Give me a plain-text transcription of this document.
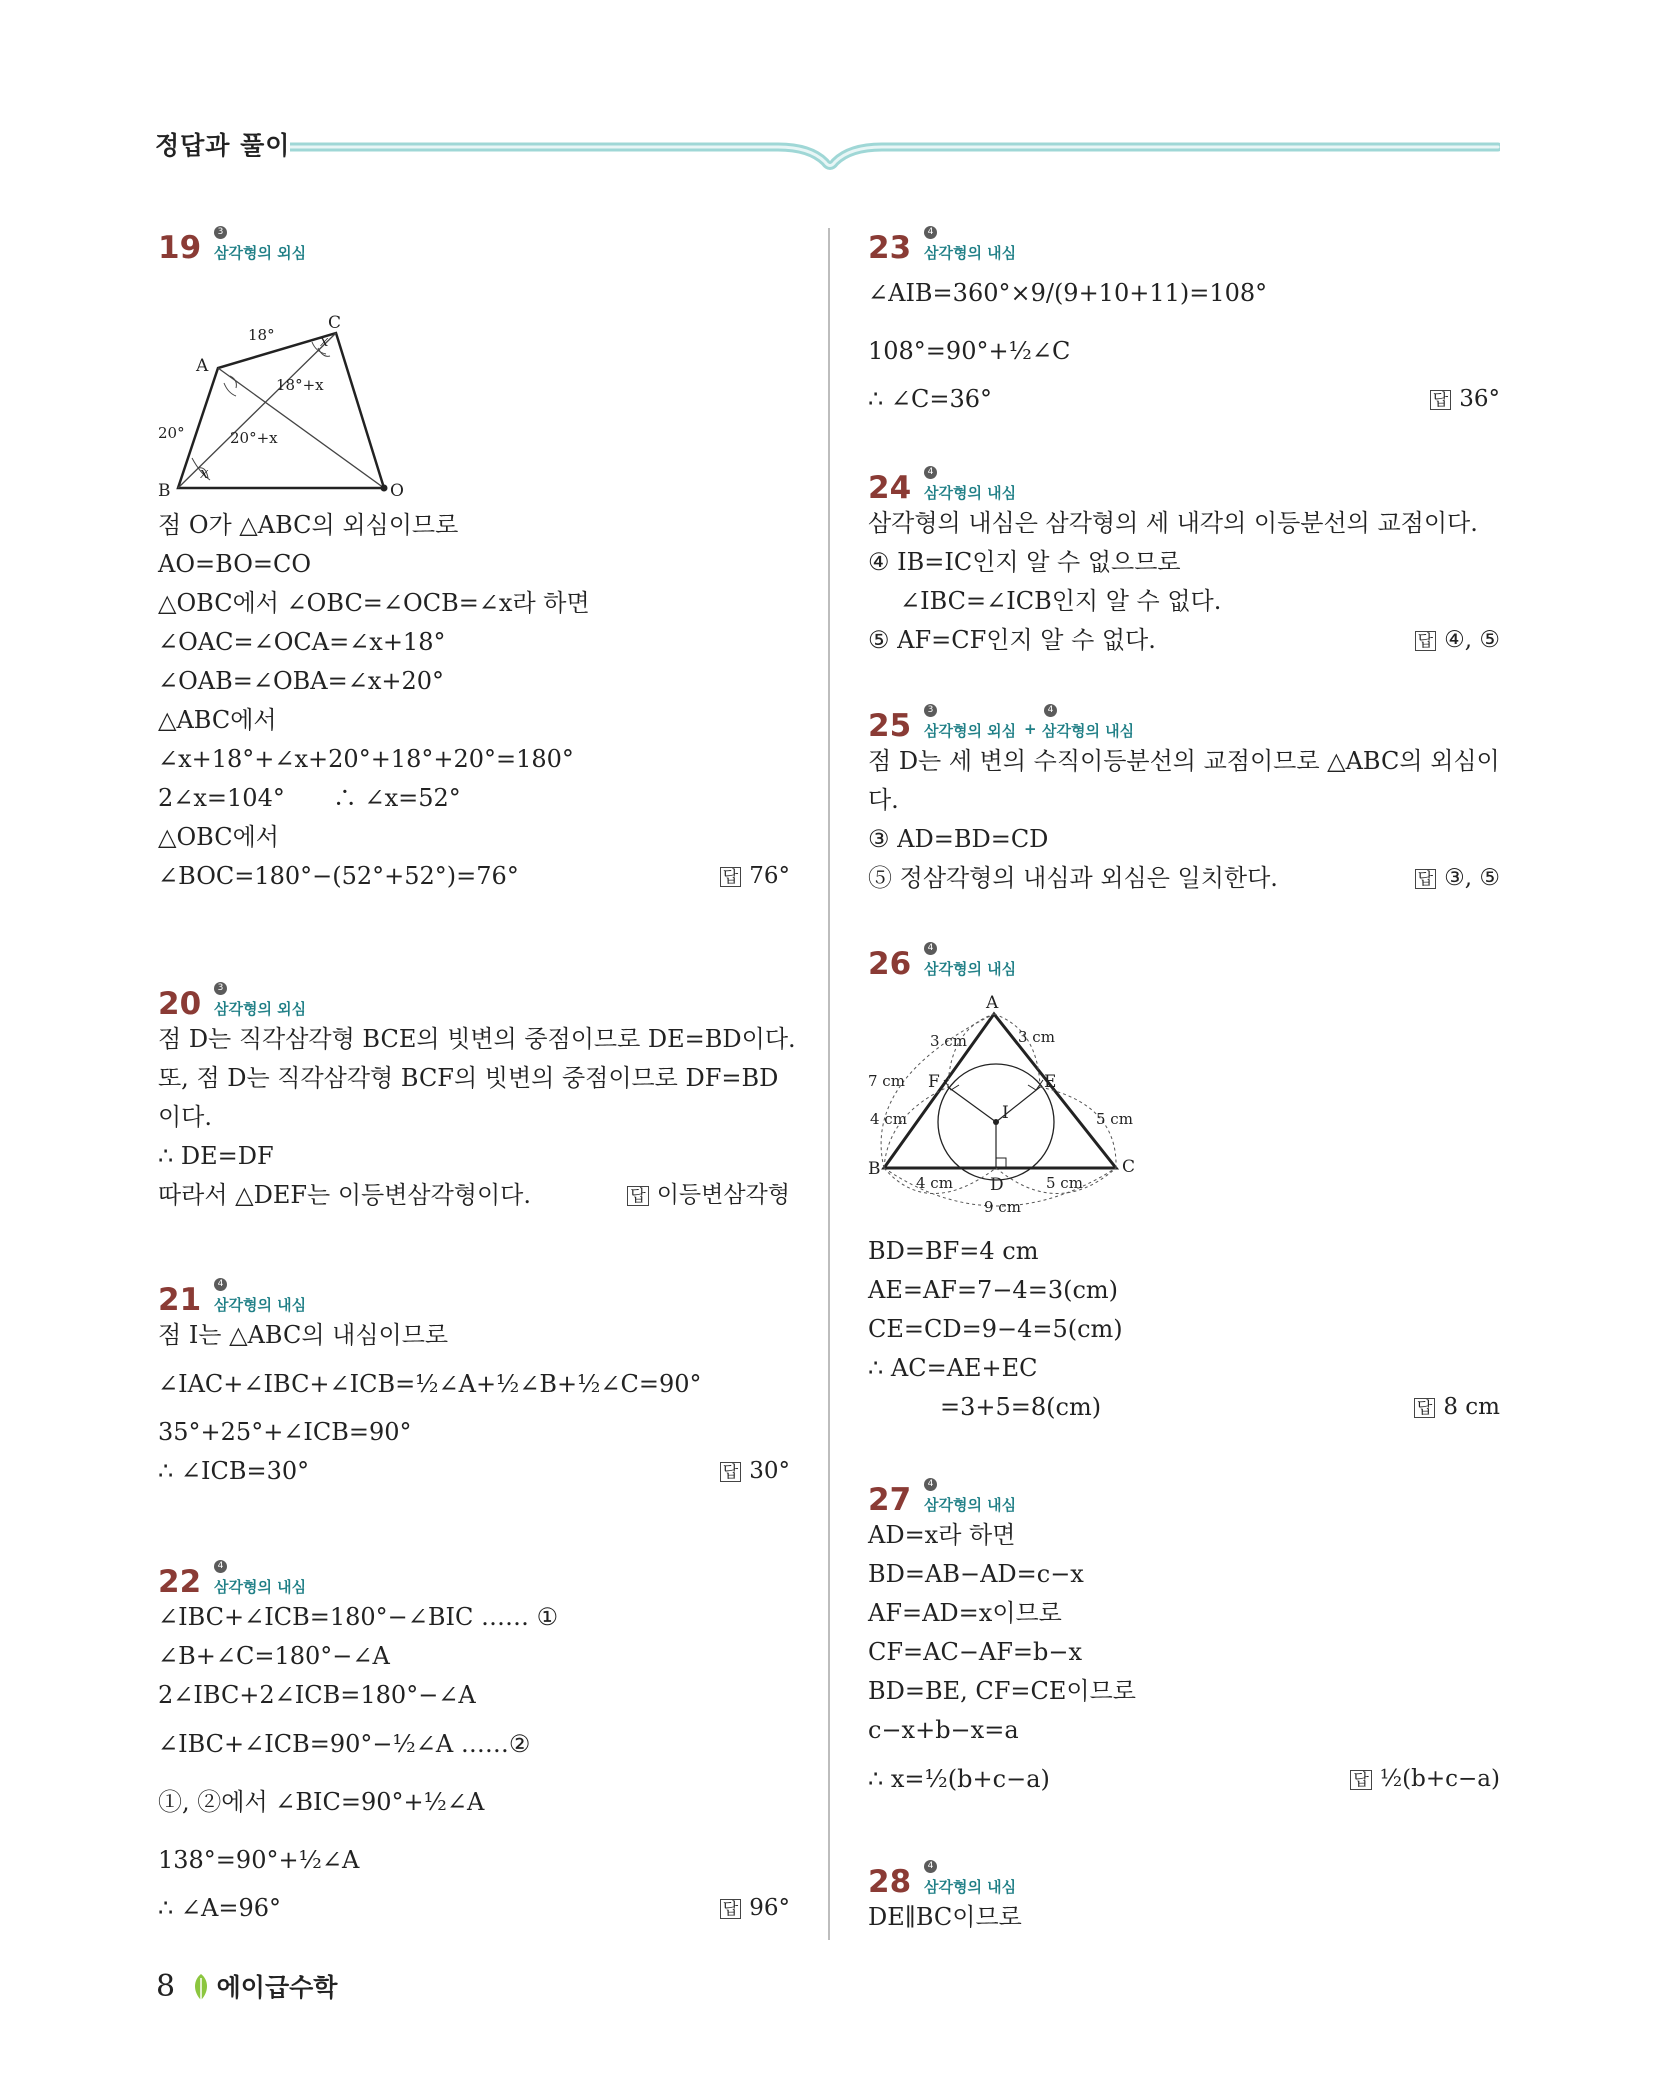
정답과 풀이
19	3
삼각형의 외심
C
A
B	O
18°	x
18°+x
20°	20°+x
x
점 O가 △ABC의 외심이므로
AO=BO=CO
△OBC에서 ∠OBC=∠OCB=∠x라 하면
∠OAC=∠OCA=∠x+18°
∠OAB=∠OBA=∠x+20°
△ABC에서
∠x+18°+∠x+20°+18°+20°=180°
2∠x=104°　　∴ ∠x=52°
△OBC에서
∠BOC=180°−(52°+52°)=76°	답 76°
20	3
삼각형의 외심
점 D는 직각삼각형 BCE의 빗변의 중점이므로 DE=BD이다.
또, 점 D는 직각삼각형 BCF의 빗변의 중점이므로 DF=BD
이다.
∴ DE=DF
따라서 △DEF는 이등변삼각형이다.	답 이등변삼각형
21	4
삼각형의 내심
점 I는 △ABC의 내심이므로
∠IAC+∠IBC+∠ICB=½∠A+½∠B+½∠C=90°
35°+25°+∠ICB=90°
∴ ∠ICB=30°	답 30°
22	4
삼각형의 내심
∠IBC+∠ICB=180°−∠BIC …… ①
∠B+∠C=180°−∠A
2∠IBC+2∠ICB=180°−∠A
∠IBC+∠ICB=90°−½∠A ……②
①, ②에서 ∠BIC=90°+½∠A
138°=90°+½∠A
∴ ∠A=96°	답 96°
23	4
삼각형의 내심
∠AIB=360°×9/(9+10+11)=108°
108°=90°+½∠C
∴ ∠C=36°	답 36°
24	4
삼각형의 내심
삼각형의 내심은 삼각형의 세 내각의 이등분선의 교점이다.
④ IB=IC인지 알 수 없으므로
∠IBC=∠ICB인지 알 수 없다.
⑤ AF=CF인지 알 수 없다.	답 ④, ⑤
25	3
삼각형의 외심 +
4
삼각형의 내심
점 D는 세 변의 수직이등분선의 교점이므로 △ABC의 외심이
다.
③ AD=BD=CD
⑤ 정삼각형의 내심과 외심은 일치한다.	답 ③, ⑤
26	4
삼각형의 내심
A
B	C
D
E
F
I
3 cm	3 cm
7 cm
4 cm	5 cm
4 cm	5 cm
9 cm
BD=BF=4 cm
AE=AF=7−4=3(cm)
CE=CD=9−4=5(cm)
∴ AC=AE+EC
=3+5=8(cm)	답 8 cm
27	4
삼각형의 내심
AD=x라 하면
BD=AB−AD=c−x
AF=AD=x이므로
CF=AC−AF=b−x
BD=BE, CF=CE이므로
c−x+b−x=a
∴ x=½(b+c−a)	답 ½(b+c−a)
28	4
삼각형의 내심
DE∥BC이므로
8 에이급수학
